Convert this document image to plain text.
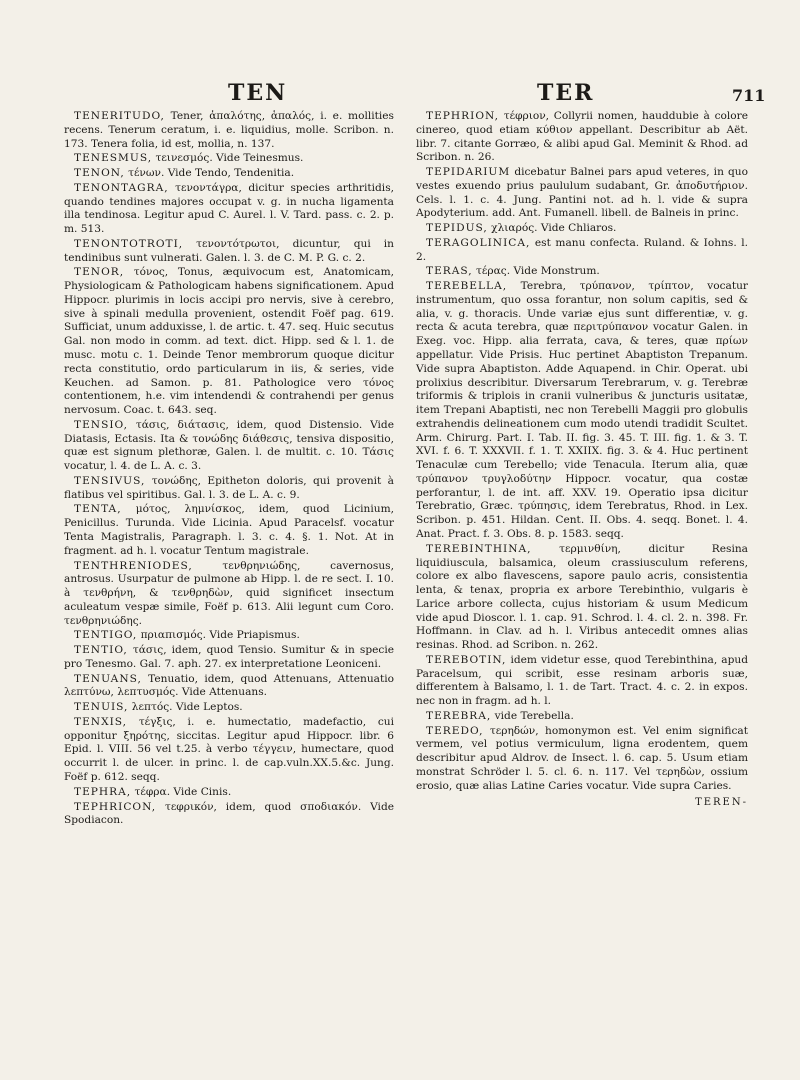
TEN	TER	711

TENERITUDO, Tener, ἁπαλότης, ἁπαλός, i. e. mollities recens. Tenerum ceratum, i. e. liquidius, molle. Scribon. n. 173. Tenera folia, id est, mollia, n. 137.

TENESMUS, τεινεσμός. Vide Teinesmus.

TENON, τένων. Vide Tendo, Tendenitia.

TENONTAGRA, τενοντάγρα, dicitur species arthritidis, quando tendines majores occupat v. g. in nucha ligamenta illa tendinosa. Legitur apud C. Aurel. l. V. Tard. pass. c. 2. p. m. 513.

TENONTOTROTI, τενοντότρωτοι, dicuntur, qui in tendinibus sunt vulnerati. Galen. l. 3. de C. M. P. G. c. 2.

TENOR, τόνος, Tonus, æquivocum est, Anatomicam, Physiologicam & Pathologicam habens significationem. Apud Hippocr. plurimis in locis accipi pro nervis, sive à cerebro, sive à spinali medulla provenient, ostendit Foëf pag. 619. Sufficiat, unum adduxisse, l. de artic. t. 47. seq. Huic secutus Gal. non modo in comm. ad text. dict. Hipp. sed & l. 1. de musc. motu c. 1. Deinde Tenor membrorum quoque dicitur recta constitutio, ordo particularum in iis, & series, vide Keuchen. ad Samon. p. 81. Pathologice vero τόνος contentionem, h.e. vim intendendi & contrahendi per genus nervosum. Coac. t. 643. seq.

TENSIO, τάσις, διάτασις, idem, quod Distensio. Vide Diatasis, Ectasis. Ita & τονώδης διάθεσις, tensiva dispositio, quæ est signum plethoræ, Galen. l. de multit. c. 10. Τάσις vocatur, l. 4. de L. A. c. 3.

TENSIVUS, τονώδης, Epitheton doloris, qui provenit à flatibus vel spiritibus. Gal. l. 3. de L. A. c. 9.

TENTA, μότος, λημνίσκος, idem, quod Licinium, Penicillus. Turunda. Vide Licinia. Apud Paracelsf. vocatur Tenta Magistralis, Paragraph. l. 3. c. 4. §. 1. Not. At in fragment. ad h. l. vocatur Tentum magistrale.

TENTHRENIODES, τενθρηνιώδης, cavernosus, antrosus. Usurpatur de pulmone ab Hipp. l. de re sect. I. 10. à τενθρήνη, & τενθρηδὼν, quid significet insectum aculeatum vespæ simile, Foëf p. 613. Alii legunt cum Coro. τενθρηνιώδης.

TENTIGO, πριαπισμός. Vide Priapismus.

TENTIO, τάσις, idem, quod Tensio. Sumitur & in specie pro Tenesmo. Gal. 7. aph. 27. ex interpretatione Leoniceni.

TENUANS, Tenuatio, idem, quod Attenuans, Attenuatio λεπτύνω, λεπτυσμός. Vide Attenuans.

TENUIS, λεπτός. Vide Leptos.

TENXIS, τέγξις, i. e. humectatio, madefactio, cui opponitur ξηρότης, siccitas. Legitur apud Hippocr. libr. 6 Epid. l. VIII. 56 vel t.25. à verbo τέγγειν, humectare, quod occurrit l. de ulcer. in princ. l. de cap.vuln.XX.5.&c. Jung. Foëf p. 612. seqq.

TEPHRA, τέφρα. Vide Cinis.

TEPHRICON, τεφρικόν, idem, quod σποδιακόν. Vide Spodiacon.

TEPHRION, τέφριον, Collyrii nomen, hauddubie à colore cinereo, quod etiam κύθιον appellant. Describitur ab Aët. libr. 7. citante Gorræo, & alibi apud Gal. Meminit & Rhod. ad Scribon. n. 26.

TEPIDARIUM dicebatur Balnei pars apud veteres, in quo vestes exuendo prius paululum sudabant, Gr. ἀποδυτήριον. Cels. l. 1. c. 4. Jung. Pantini not. ad h. l. vide & supra Apodyterium. add. Ant. Fumanell. libell. de Balneis in princ.

TEPIDUS, χλιαρός. Vide Chliaros.

TERAGOLINICA, est manu confecta. Ruland. & Iohns. l. 2.

TERAS, τέρας. Vide Monstrum.

TEREBELLA, Terebra, τρύπανον, τρίπτον, vocatur instrumentum, quo ossa forantur, non solum capitis, sed & alia, v. g. thoracis. Unde variæ ejus sunt differentiæ, v. g. recta & acuta terebra, quæ περιτρύπανον vocatur Galen. in Exeg. voc. Hipp. alia ferrata, cava, & teres, quæ πρίων appellatur. Vide Prisis. Huc pertinet Abaptiston Trepanum. Vide supra Abaptiston. Adde Aquapend. in Chir. Operat. ubi prolixius describitur. Diversarum Terebrarum, v. g. Terebræ triformis & triplois in cranii vulneribus & juncturis usitatæ, item Trepani Abaptisti, nec non Terebelli Maggii pro globulis extrahendis delineationem cum modo utendi tradidit Scultet. Arm. Chirurg. Part. I. Tab. II. fig. 3. 45. T. III. fig. 1. & 3. T. XVI. f. 6. T. XXXVII. f. 1. T. XXIIX. fig. 3. & 4. Huc pertinent Tenaculæ cum Terebello; vide Tenacula. Iterum alia, quæ τρύπανον τρυγλοδύτην Hippocr. vocatur, qua costæ perforantur, l. de int. aff. XXV. 19. Operatio ipsa dicitur Terebratio, Græc. τρύπησις, idem Terebratus, Rhod. in Lex. Scribon. p. 451. Hildan. Cent. II. Obs. 4. seqq. Bonet. l. 4. Anat. Pract. f. 3. Obs. 8. p. 1583. seqq.

TEREBINTHINA, τερμινθίνη, dicitur Resina liquidiuscula, balsamica, oleum crassiusculum referens, colore ex albo flavescens, sapore paulo acris, consistentia lenta, & tenax, propria ex arbore Terebinthio, vulgaris è Larice arbore collecta, cujus historiam & usum Medicum vide apud Dioscor. l. 1. cap. 91. Schrod. l. 4. cl. 2. n. 398. Fr. Hoffmann. in Clav. ad h. l. Viribus antecedit omnes alias resinas. Rhod. ad Scribon. n. 262.

TEREBOTIN, idem videtur esse, quod Terebinthina, apud Paracelsum, qui scribit, esse resinam arboris suæ, differentem à Balsamo, l. 1. de Tart. Tract. 4. c. 2. in expos. nec non in fragm. ad h. l.

TEREBRA, vide Terebella.

TEREDO, τερηδών, homonymon est. Vel enim significat vermem, vel potius vermiculum, ligna erodentem, quem describitur apud Aldrov. de Insect. l. 6. cap. 5. Usum etiam monstrat Schröder l. 5. cl. 6. n. 117. Vel τερηδὼν, ossium erosio, quæ alias Latine Caries vocatur. Vide supra Caries.

TEREN-
